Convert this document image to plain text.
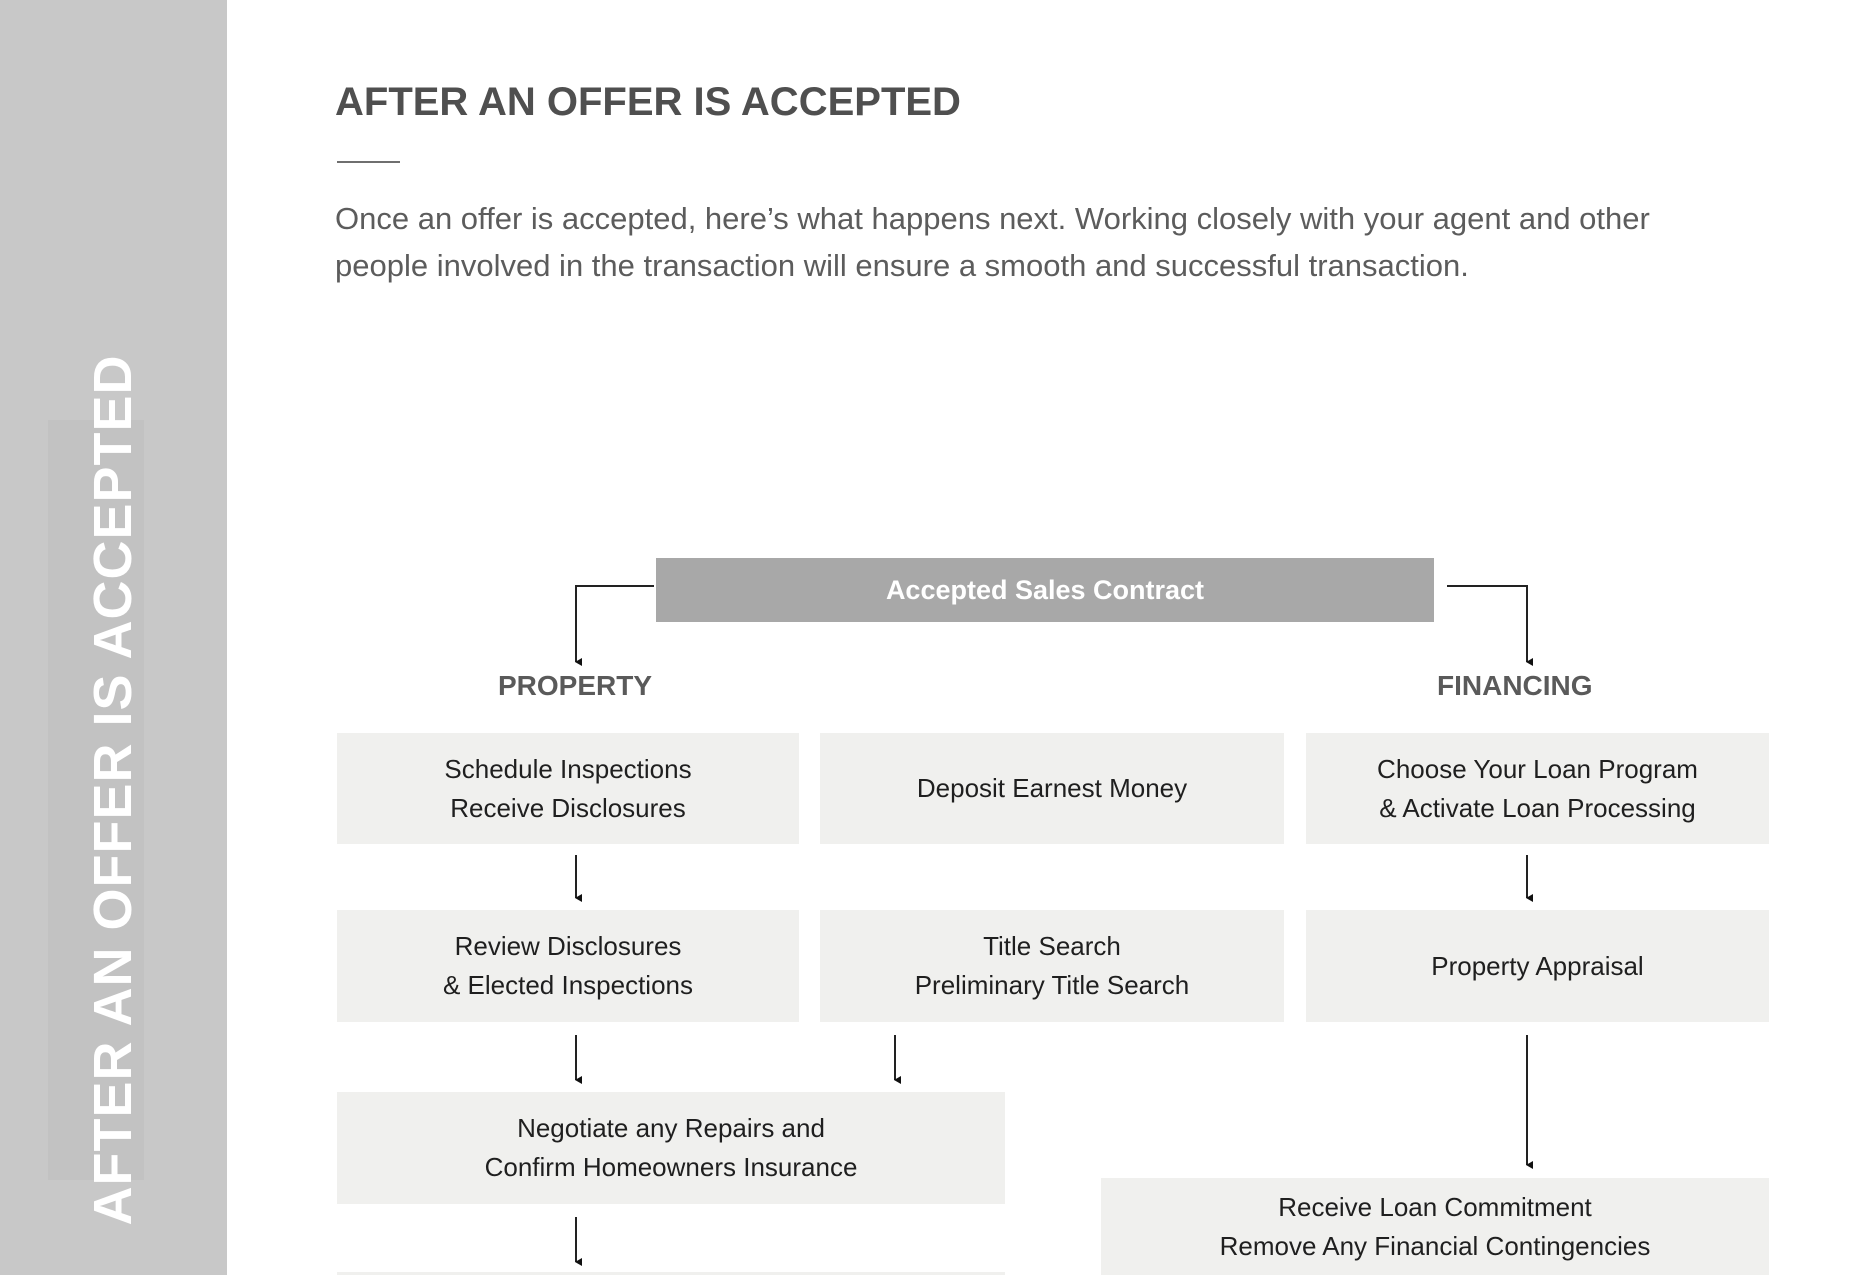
AFTER AN OFFER IS ACCEPTED
AFTER AN OFFER IS ACCEPTED

Once an offer is accepted, here’s what happens next. Working closely with your agent and other people involved in the transaction will ensure a smooth and successful transaction.

Accepted Sales Contract
PROPERTY	FINANCING
Schedule Inspections
Receive Disclosures
Deposit Earnest Money
Choose Your Loan Program
& Activate Loan Processing
Review Disclosures
& Elected Inspections
Title Search
Preliminary Title Search
Property Appraisal
Negotiate any Repairs and
Confirm Homeowners Insurance
Receive Loan Commitment
Remove Any Financial Contingencies
